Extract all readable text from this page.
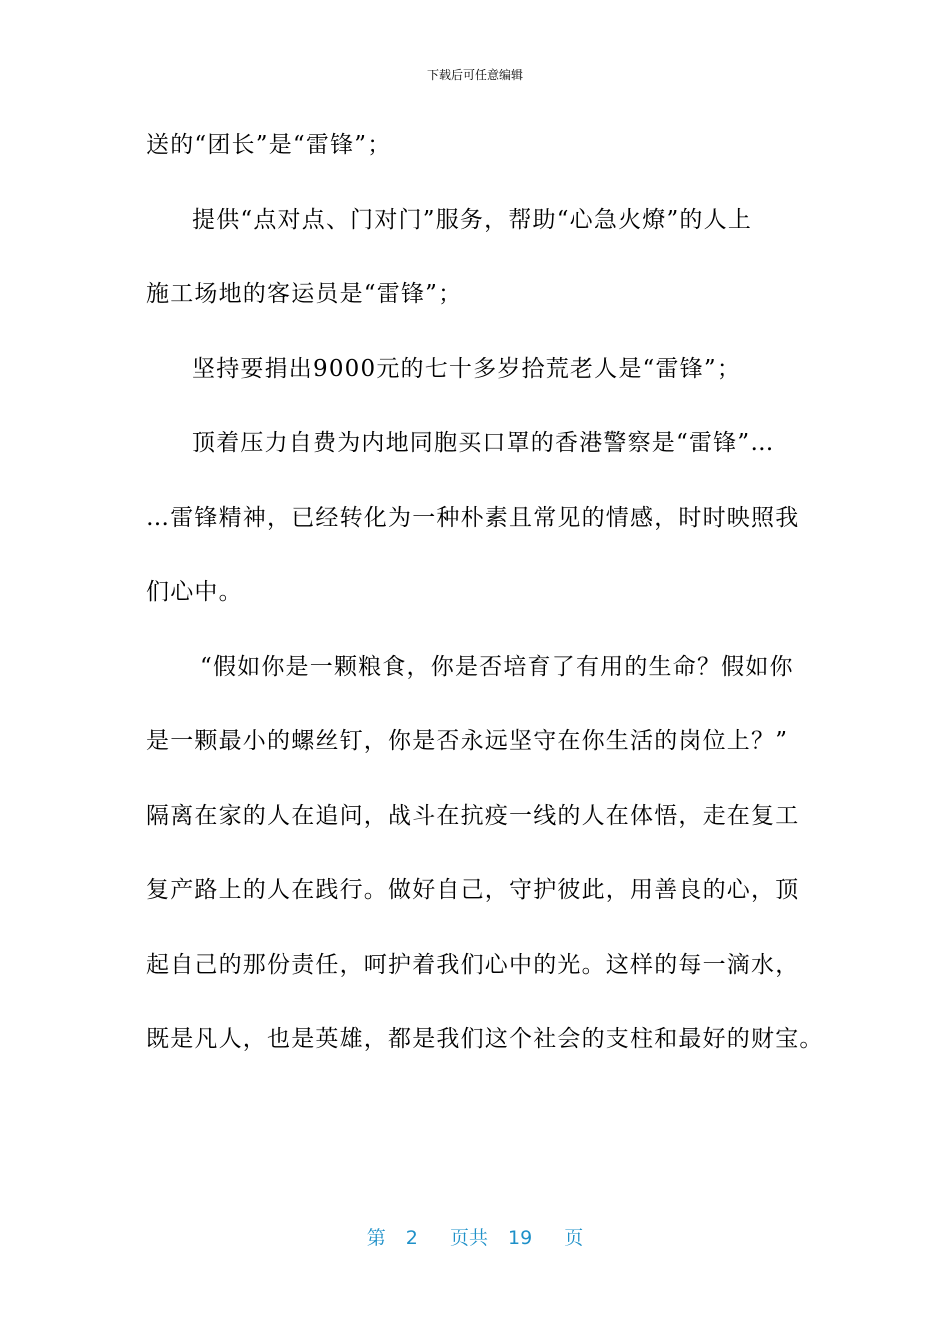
下载后可任意编辑
送的“团长”是“雷锋”；
提供“点对点、门对门”服务，帮助“心急火燎”的人上
施工场地的客运员是“雷锋”；
坚持要捐出9000元的七十多岁拾荒老人是“雷锋”；
顶着压力自费为内地同胞买口罩的香港警察是“雷锋”…
…雷锋精神，已经转化为一种朴素且常见的情感，时时映照我
们心中。
“假如你是一颗粮食，你是否培育了有用的生命？假如你
是一颗最小的螺丝钉，你是否永远坚守在你生活的岗位上？”
隔离在家的人在追问，战斗在抗疫一线的人在体悟，走在复工
复产路上的人在践行。做好自己，守护彼此，用善良的心，顶
起自己的那份责任，呵护着我们心中的光。这样的每一滴水，
既是凡人，也是英雄，都是我们这个社会的支柱和最好的财宝。
第 2 页共 19 页
